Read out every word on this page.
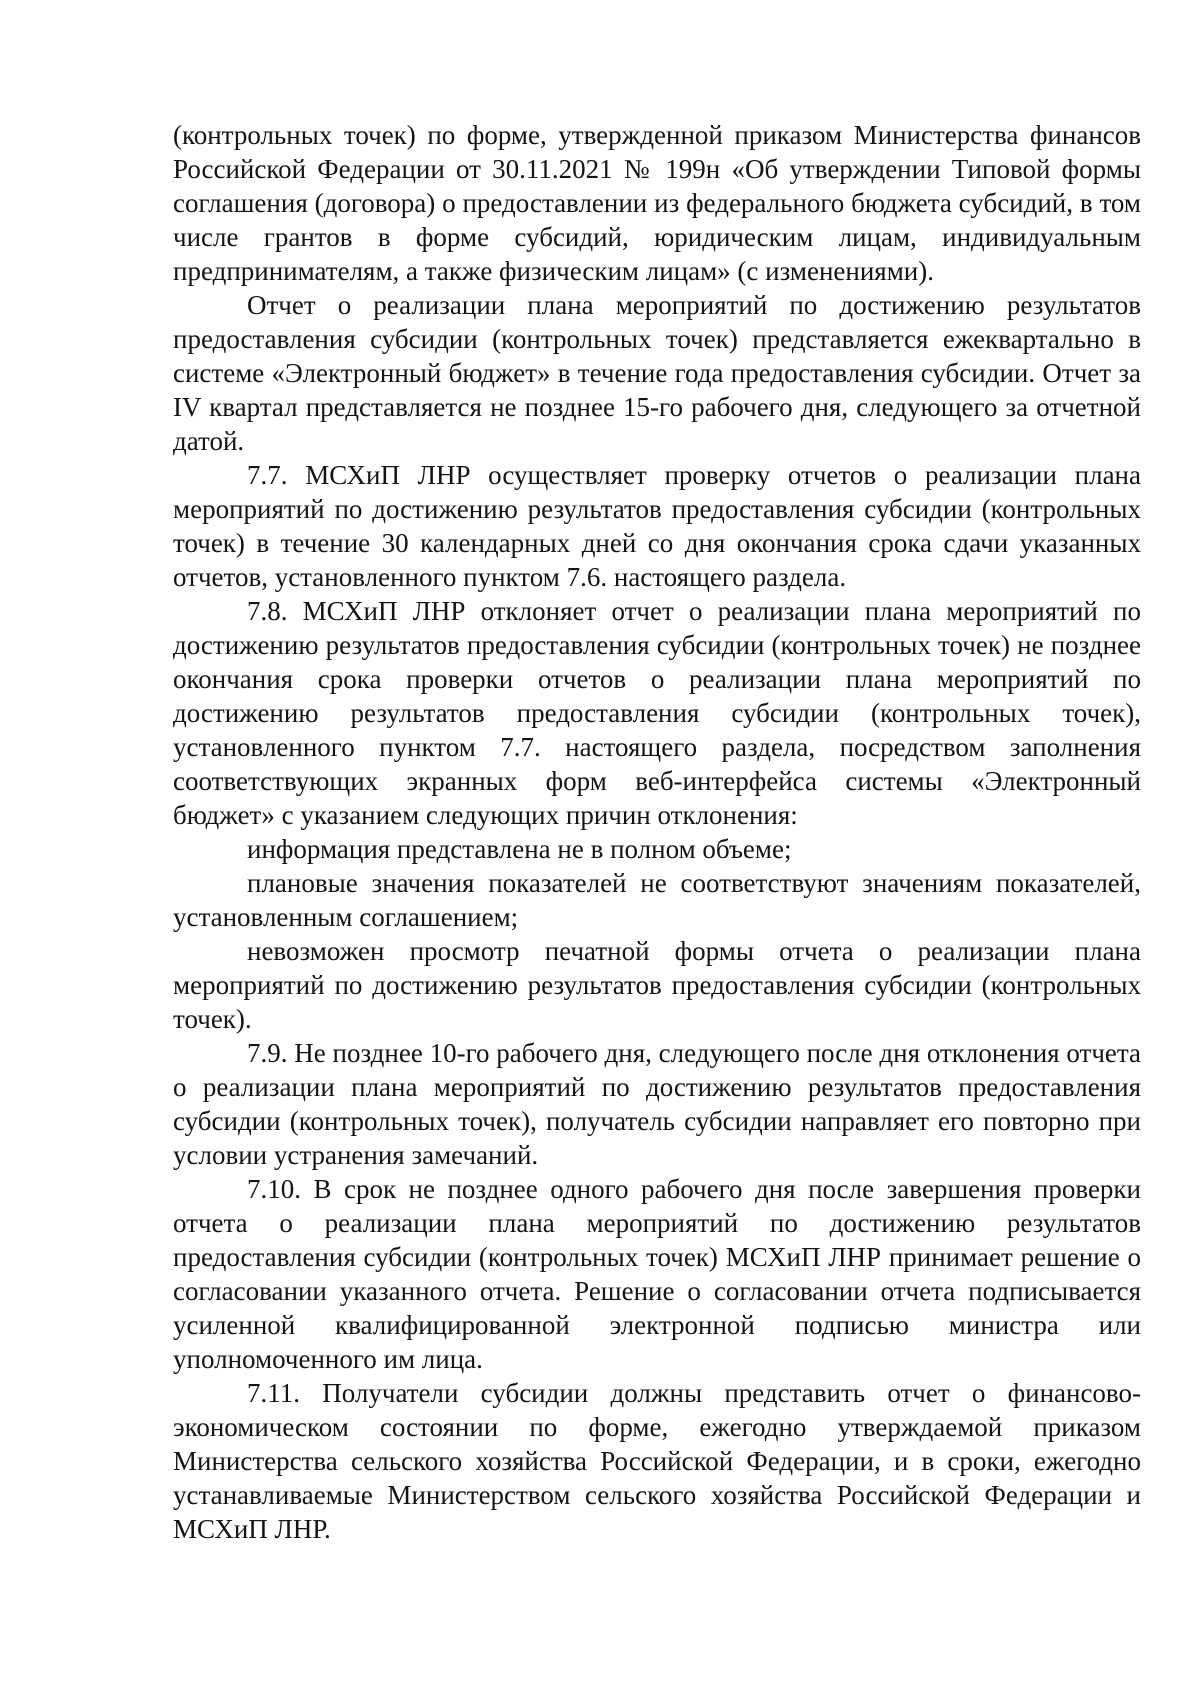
(контрольных точек) по форме, утвержденной приказом Министерства финансов Российской Федерации от 30.11.2021 № 199н «Об утверждении Типовой формы соглашения (договора) о предоставлении из федерального бюджета субсидий, в том числе грантов в форме субсидий, юридическим лицам, индивидуальным предпринимателям, а также физическим лицам» (с изменениями).

Отчет о реализации плана мероприятий по достижению результатов предоставления субсидии (контрольных точек) представляется ежеквартально в системе «Электронный бюджет» в течение года предоставления субсидии. Отчет за IV квартал представляется не позднее 15-го рабочего дня, следующего за отчетной датой.

7.7. МСХиП ЛНР осуществляет проверку отчетов о реализации плана мероприятий по достижению результатов предоставления субсидии (контрольных точек) в течение 30 календарных дней со дня окончания срока сдачи указанных отчетов, установленного пунктом 7.6. настоящего раздела.

7.8. МСХиП ЛНР отклоняет отчет о реализации плана мероприятий по достижению результатов предоставления субсидии (контрольных точек) не позднее окончания срока проверки отчетов о реализации плана мероприятий по достижению результатов предоставления субсидии (контрольных точек), установленного пунктом 7.7. настоящего раздела, посредством заполнения соответствующих экранных форм веб-интерфейса системы «Электронный бюджет» с указанием следующих причин отклонения:

информация представлена не в полном объеме;

плановые значения показателей не соответствуют значениям показателей, установленным соглашением;

невозможен просмотр печатной формы отчета о реализации плана мероприятий по достижению результатов предоставления субсидии (контрольных точек).

7.9. Не позднее 10-го рабочего дня, следующего после дня отклонения отчета о реализации плана мероприятий по достижению результатов предоставления субсидии (контрольных точек), получатель субсидии направляет его повторно при условии устранения замечаний.

7.10. В срок не позднее одного рабочего дня после завершения проверки отчета о реализации плана мероприятий по достижению результатов предоставления субсидии (контрольных точек) МСХиП ЛНР принимает решение о согласовании указанного отчета. Решение о согласовании отчета подписывается усиленной квалифицированной электронной подписью министра или уполномоченного им лица.

7.11. Получатели субсидии должны представить отчет о финансово-экономическом состоянии по форме, ежегодно утверждаемой приказом Министерства сельского хозяйства Российской Федерации, и в сроки, ежегодно устанавливаемые Министерством сельского хозяйства Российской Федерации и МСХиП ЛНР.
